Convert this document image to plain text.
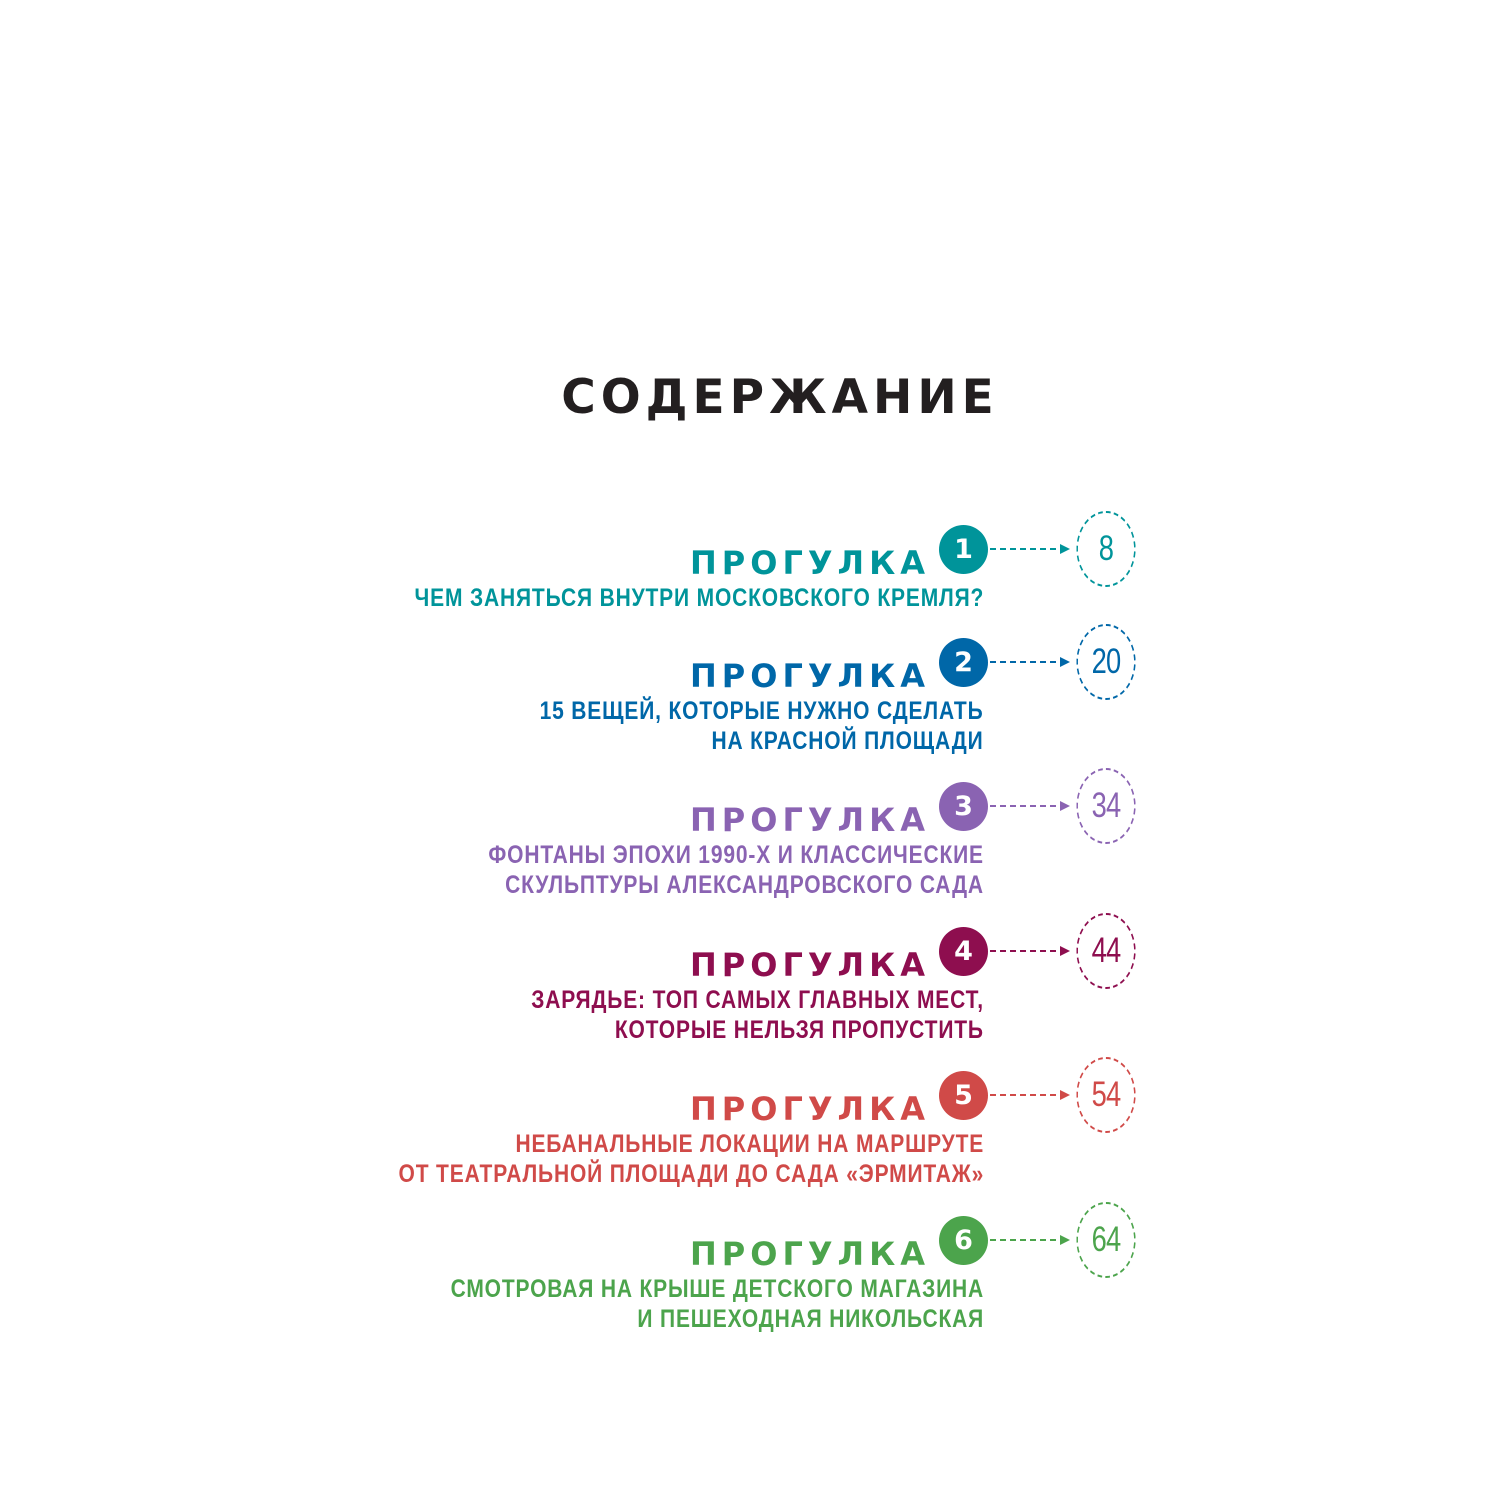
СОДЕРЖАНИЕ
ПРОГУЛКА 1	8
ЧЕМ ЗАНЯТЬСЯ ВНУТРИ МОСКОВСКОГО КРЕМЛЯ?
ПРОГУЛКА 2	20
15 ВЕЩЕЙ, КОТОРЫЕ НУЖНО СДЕЛАТЬ
НА КРАСНОЙ ПЛОЩАДИ
ПРОГУЛКА 3	34
ФОНТАНЫ ЭПОХИ 1990-Х И КЛАССИЧЕСКИЕ
СКУЛЬПТУРЫ АЛЕКСАНДРОВСКОГО САДА
ПРОГУЛКА 4	44
ЗАРЯДЬЕ: ТОП САМЫХ ГЛАВНЫХ МЕСТ,
КОТОРЫЕ НЕЛЬЗЯ ПРОПУСТИТЬ
ПРОГУЛКА 5	54
НЕБАНАЛЬНЫЕ ЛОКАЦИИ НА МАРШРУТЕ
ОТ ТЕАТРАЛЬНОЙ ПЛОЩАДИ ДО САДА «ЭРМИТАЖ»
ПРОГУЛКА 6	64
СМОТРОВАЯ НА КРЫШЕ ДЕТСКОГО МАГАЗИНА
И ПЕШЕХОДНАЯ НИКОЛЬСКАЯ
